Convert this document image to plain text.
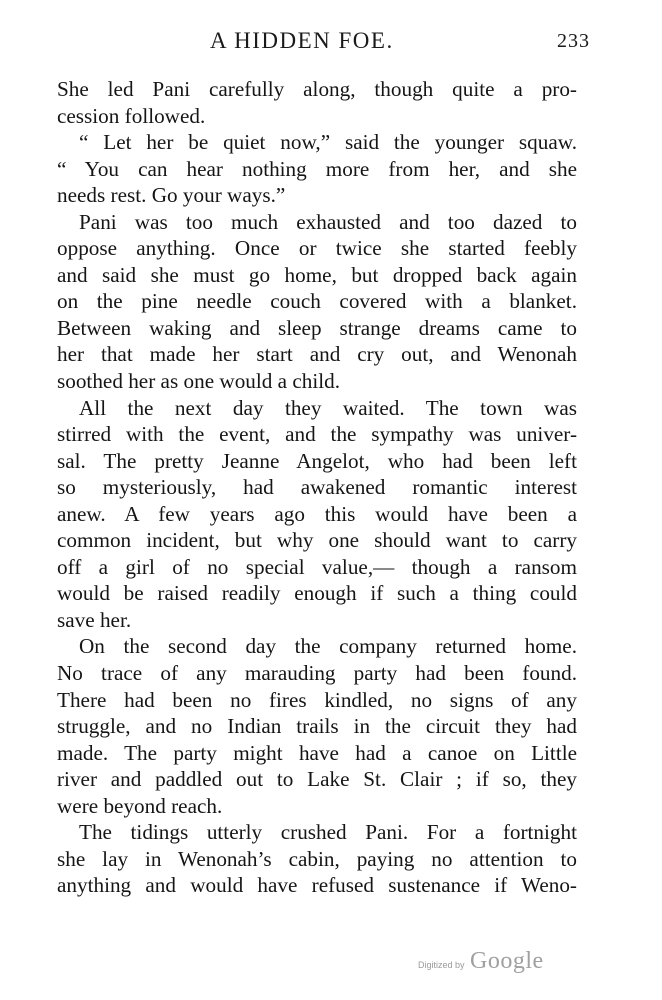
A HIDDEN FOE.	233

She led Pani carefully along, though quite a pro-
cession followed.

“ Let her be quiet now,” said the younger squaw.
“ You can hear nothing more from her, and she
needs rest. Go your ways.”

Pani was too much exhausted and too dazed to
oppose anything. Once or twice she started feebly
and said she must go home, but dropped back again
on the pine needle couch covered with a blanket.
Between waking and sleep strange dreams came to
her that made her start and cry out, and Wenonah
soothed her as one would a child.

All the next day they waited. The town was
stirred with the event, and the sympathy was univer-
sal. The pretty Jeanne Angelot, who had been left
so mysteriously, had awakened romantic interest
anew. A few years ago this would have been a
common incident, but why one should want to carry
off a girl of no special value,— though a ransom
would be raised readily enough if such a thing could
save her.

On the second day the company returned home.
No trace of any marauding party had been found.
There had been no fires kindled, no signs of any
struggle, and no Indian trails in the circuit they had
made. The party might have had a canoe on Little
river and paddled out to Lake St. Clair ; if so, they
were beyond reach.

The tidings utterly crushed Pani. For a fortnight
she lay in Wenonah’s cabin, paying no attention to
anything and would have refused sustenance if Weno-

Digitized by Google
